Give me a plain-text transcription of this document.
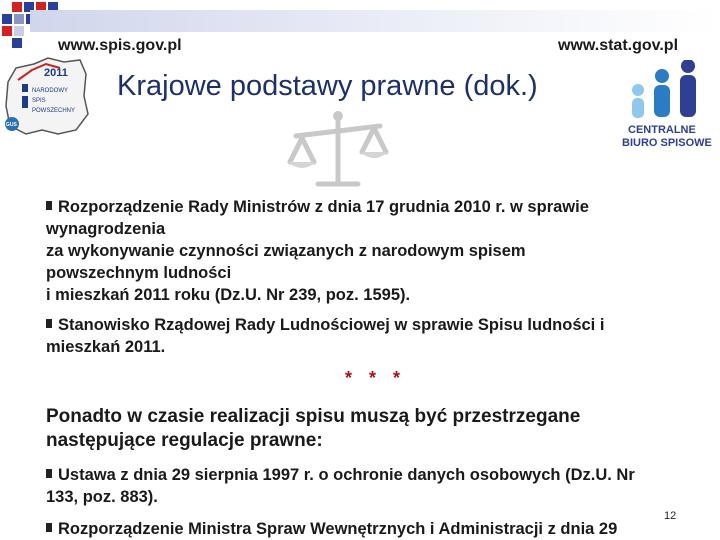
www.spis.gov.pl	www.stat.gov.pl
2011
NARODOWY
SPIS
POWSZECHNY
GUS	CENTRALNE
BIURO SPISOWE
Krajowe podstawy prawne (dok.)
Rozporządzenie Rady Ministrów z dnia 17 grudnia 2010 r. w sprawie
wynagrodzenia
za wykonywanie czynności związanych z narodowym spisem
powszechnym ludności
i mieszkań 2011 roku (Dz.U. Nr 239, poz. 1595).
Stanowisko Rządowej Rady Ludnościowej w sprawie Spisu ludności i
mieszkań 2011.
* * *
Ponadto w czasie realizacji spisu muszą być przestrzegane
następujące regulacje prawne:
Ustawa z dnia 29 sierpnia 1997 r. o ochronie danych osobowych (Dz.U. Nr
133, poz. 883).
Rozporządzenie Ministra Spraw Wewnętrznych i Administracji z dnia 29
12
